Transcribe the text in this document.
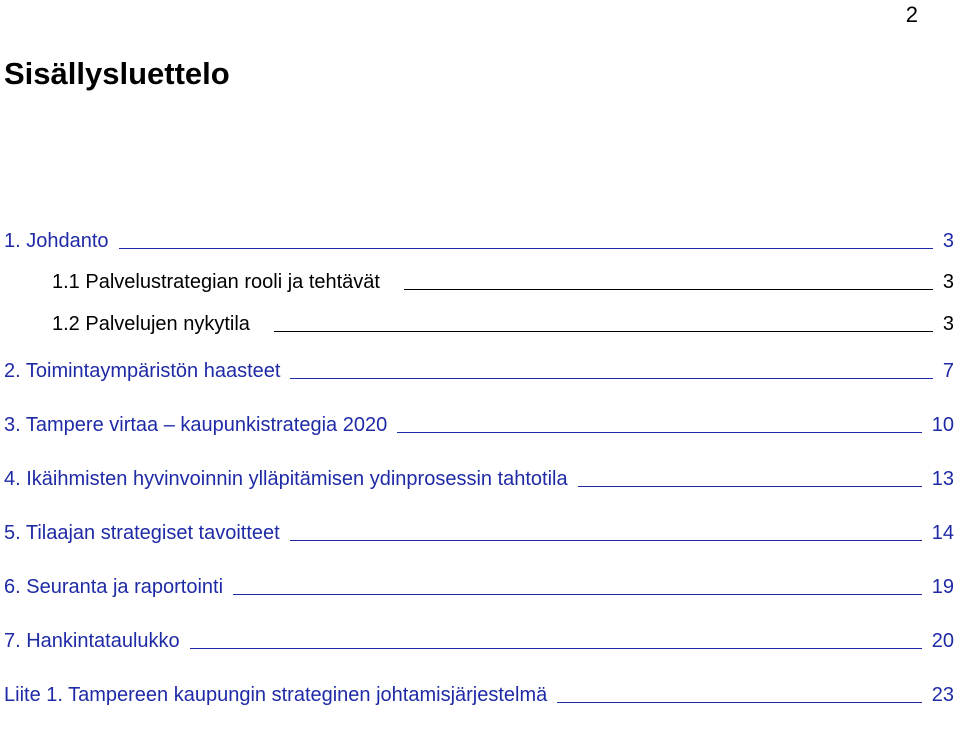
2
Sisällysluettelo
1. Johdanto	3
1.1 Palvelustrategian rooli ja tehtävät	3
1.2 Palvelujen nykytila	3
2. Toimintaympäristön haasteet	7
3. Tampere virtaa – kaupunkistrategia 2020	10
4. Ikäihmisten hyvinvoinnin ylläpitämisen ydinprosessin tahtotila	13
5. Tilaajan strategiset tavoitteet	14
6. Seuranta ja raportointi	19
7. Hankintataulukko	20
Liite 1. Tampereen kaupungin strateginen johtamisjärjestelmä	23
